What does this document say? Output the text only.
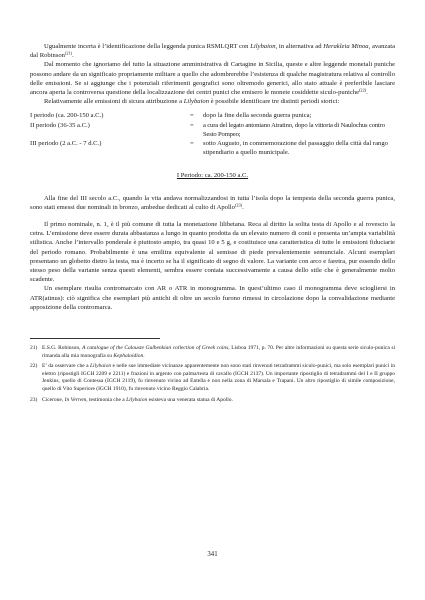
Ugualmente incerta è l’identificazione della leggenda punica RSMLQRT con Lilybaion, in alternativa ad Herakleia Minoa, avanzata dal Robinson$^{(21)}$.

Dal momento che ignoriamo del tutto la situazione amministrativa di Cartagine in Sicilia, queste e altre leggende monetali puniche possono andare da un significato propriamente militare a quello che adombrerebbe l’esistenza di qualche magistratura relativa al controllo delle emissioni. Se si aggiunge che i potenziali riferimenti geografici sono oltremodo generici, allo stato attuale è preferibile lasciare ancora aperta la controversa questione della localizzazione dei centri punici che emisero le monete cosiddette siculo-puniche$^{(22)}$.

Relativamente alle emissioni di sicura attribuzione a Lilybaion è possibile identificare tre distinti periodi storici:

I periodo (ca. 200-150 a.C.)	=	dopo la fine della seconda guerra punica;
II periodo (36-35 a.C.)	=	a cura del legato antoniano Atratino, dopo la vittoria di Naulochus contro Sesto Pompeo;
III periodo (2 a.C. - 7 d.C.)	=	sotto Augusto, in commemorazione del passaggio della città dal rango stipendiario a quello municipale.
I Periodo: ca. 200-150 a.C.

Alla fine del III secolo a.C., quando la vita andava normalizzandosi in tutta l’isola dopo la tempesta della seconda guerra punica, sono stati emessi due nominali in bronzo, ambedue dedicati al culto di Apollo$^{(23)}$.

Il primo nominale, n. 1, è il più comune di tutta la monetazione lilibetana. Reca al diritto la solita testa di Apollo e al rovescio la cetra. L’emissione deve essere durata abbastanza a lungo in quanto prodotta da un elevato numero di conii e presenta un’ampia variabilità stilistica. Anche l’intervallo ponderale è piuttosto ampio, tra quasi 10 e 5 g, e costituisce una caratteristica di tutte le emissioni fiduciarie del periodo romano. Probabilmente è una emilitra equivalente al semisse di piede prevalentemente semunciale. Alcuni esemplari presentano un globetto dietro la testa, ma è incerto se ha il significato di segno di valore. La variante con arco e faretra, pur essendo dello stesso peso della variante senza questi elementi, sembra essere coniata successivamente a causa dello stile che è generalmente molto scadente.

Un esemplare risulta contromarcato con AR o ATR in monogramma. In quest’ultimo caso il monogramma deve sciogliersi in ATR(atinus): ciò significa che esemplari più antichi di oltre un secolo furono rimessi in circolazione dopo la convalidazione mediante apposizione della contromarca.

21) E.S.G. Robinson, A catalogue of the Calouste Gulbenkian collection of Greek coins, Lisboa 1971, p. 70. Per altre informazioni su questa serie siculo-punica si rimanda alla mia monografia su Kephaloidion.
22) E’ da osservare che a Lilybaion e nelle sue immediate vicinanze apparentemente non sono stati rinvenuti tetradrammi siculo-punici, ma solo esemplari punici in elettro (ripostigli IGCH 2209 e 2211) e frazioni in argento con palma/testa di cavallo (IGCH 2137). Un importante ripostiglio di tetradrammi del I e II gruppo Jenkins, quello di Contessa (IGCH 2119), fu rinvenuto vicino ad Entella e non nella zona di Marsala e Trapani. Un altro ripostiglio di simile composizione, quello di Vito Superiore (IGCH 1910), fu rinvenuto vicino Reggio Calabria.
23) Cicerone, In Verrem, testimonia che a Lilybaion esisteva una venerata statua di Apollo.
341
